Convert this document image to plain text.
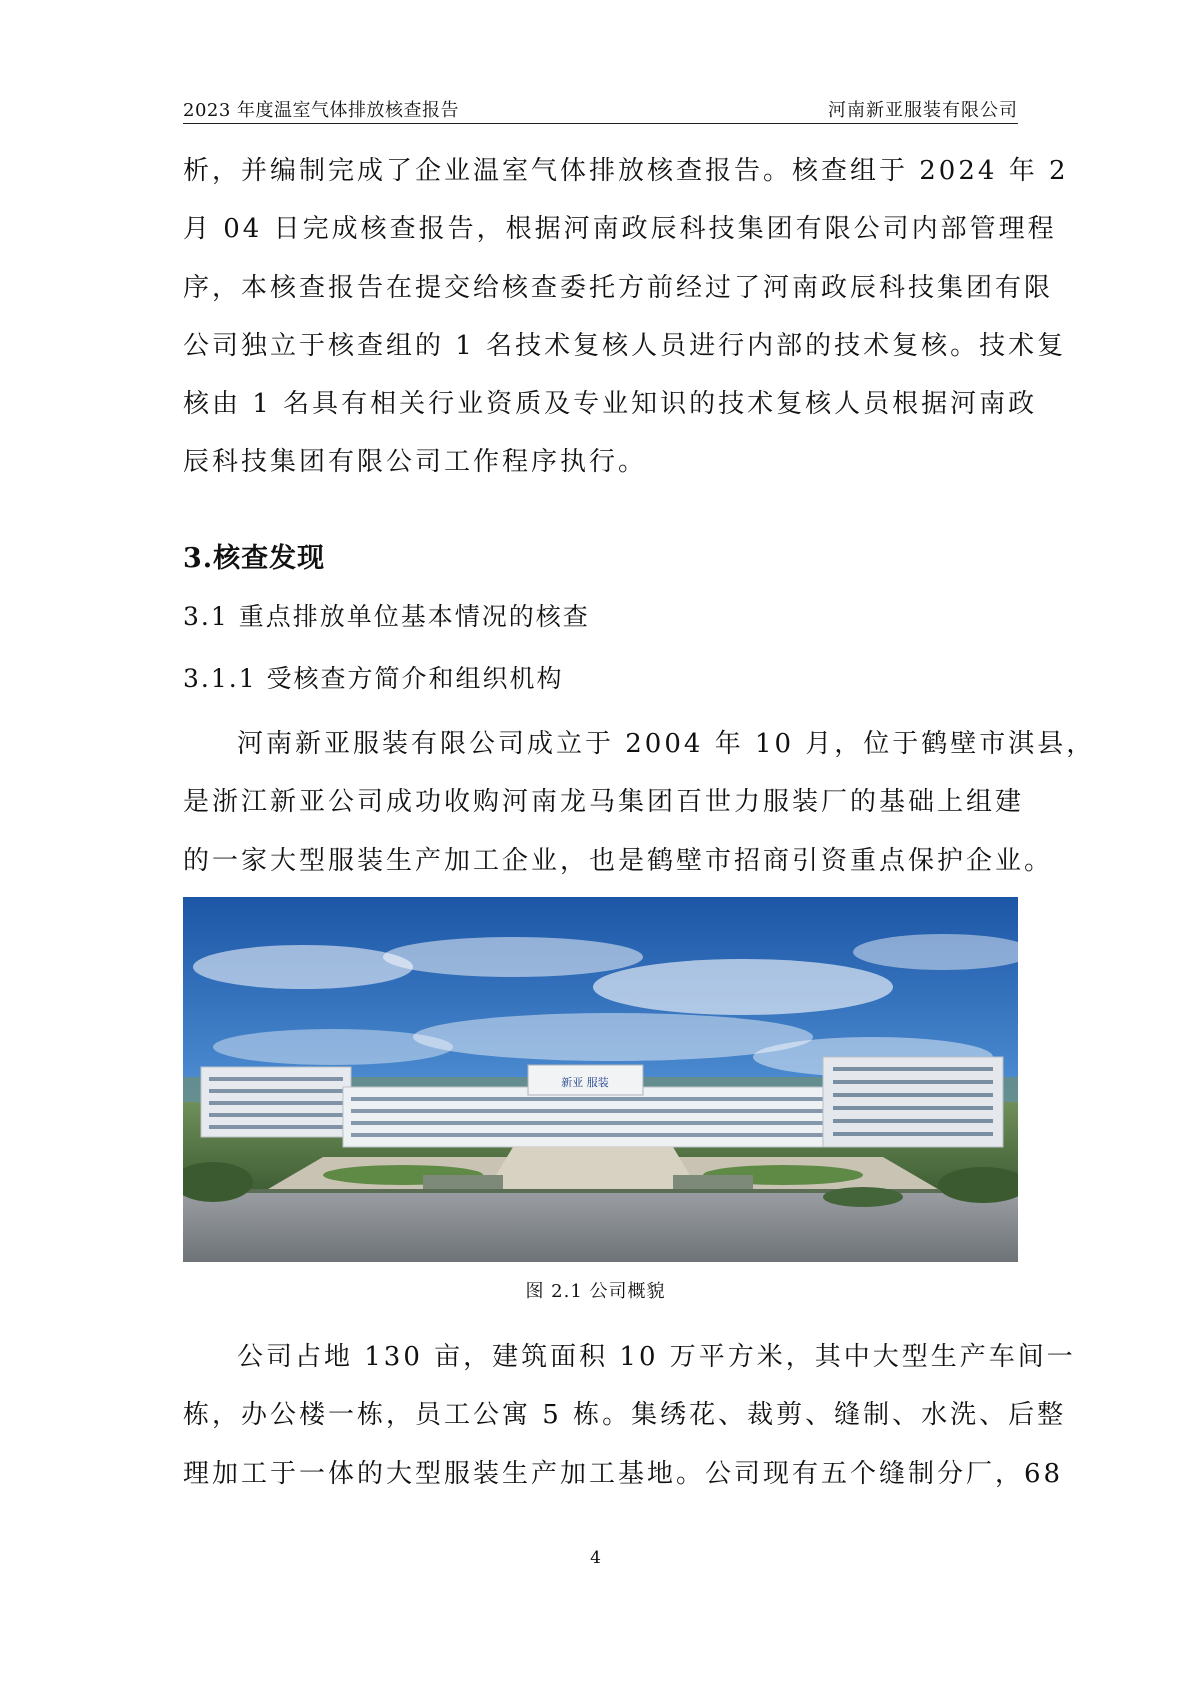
2023 年度温室气体排放核查报告	河南新亚服装有限公司
析，并编制完成了企业温室气体排放核查报告。核查组于 2024 年 2
月 04 日完成核查报告，根据河南政辰科技集团有限公司内部管理程
序，本核查报告在提交给核查委托方前经过了河南政辰科技集团有限
公司独立于核查组的 1 名技术复核人员进行内部的技术复核。技术复
核由 1 名具有相关行业资质及专业知识的技术复核人员根据河南政
辰科技集团有限公司工作程序执行。
3.核查发现
3.1 重点排放单位基本情况的核查
3.1.1 受核查方简介和组织机构
河南新亚服装有限公司成立于 2004 年 10 月，位于鹤壁市淇县，
是浙江新亚公司成功收购河南龙马集团百世力服装厂的基础上组建
的一家大型服装生产加工企业，也是鹤壁市招商引资重点保护企业。
新亚 服装
图 2.1 公司概貌
公司占地 130 亩，建筑面积 10 万平方米，其中大型生产车间一
栋，办公楼一栋，员工公寓 5 栋。集绣花、裁剪、缝制、水洗、后整
理加工于一体的大型服装生产加工基地。公司现有五个缝制分厂，68
4
